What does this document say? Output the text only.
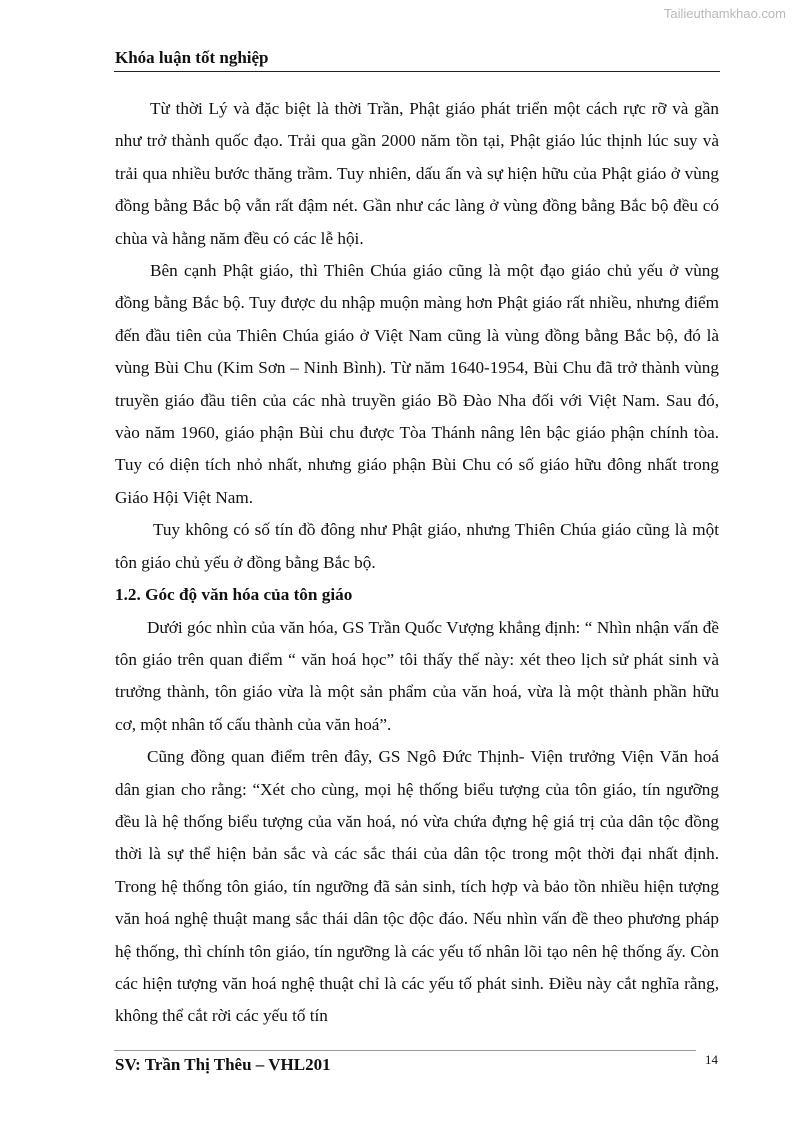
Tailieuthamkhao.com
Khóa luận tốt nghiệp

Từ thời Lý và đặc biệt là thời Trần, Phật giáo phát triển một cách rực rỡ và gần như trở thành quốc đạo. Trải qua gần 2000 năm tồn tại, Phật giáo lúc thịnh lúc suy và trải qua nhiều bước thăng trầm. Tuy nhiên, dấu ấn và sự hiện hữu của Phật giáo ở vùng đồng bằng Bắc bộ vẫn rất đậm nét. Gần như các làng ở vùng đồng bằng Bắc bộ đều có chùa và hằng năm đều có các lễ hội.

Bên cạnh Phật giáo, thì Thiên Chúa giáo cũng là một đạo giáo chủ yếu ở vùng đồng bằng Bắc bộ. Tuy được du nhập muộn màng hơn Phật giáo rất nhiều, nhưng điểm đến đầu tiên của Thiên Chúa giáo ở Việt Nam cũng là vùng đồng bằng Bắc bộ, đó là vùng Bùi Chu (Kim Sơn – Ninh Bình). Từ năm 1640-1954, Bùi Chu đã trở thành vùng truyền giáo đầu tiên của các nhà truyền giáo Bồ Đào Nha đối với Việt Nam. Sau đó, vào năm 1960, giáo phận Bùi chu được Tòa Thánh nâng lên bậc giáo phận chính tòa. Tuy có diện tích nhỏ nhất, nhưng giáo phận Bùi Chu có số giáo hữu đông nhất trong Giáo Hội Việt Nam.

Tuy không có số tín đồ đông như Phật giáo, nhưng Thiên Chúa giáo cũng là một tôn giáo chủ yếu ở đồng bằng Bắc bộ.

1.2. Góc độ văn hóa của tôn giáo

Dưới góc nhìn của văn hóa, GS Trần Quốc Vượng khẳng định: “ Nhìn nhận vấn đề tôn giáo trên quan điểm “ văn hoá học” tôi thấy thế này: xét theo lịch sử phát sinh và trưởng thành, tôn giáo vừa là một sản phẩm của văn hoá, vừa là một thành phần hữu cơ, một nhân tố cấu thành của văn hoá”.

Cũng đồng quan điểm trên đây, GS Ngô Đức Thịnh- Viện trưởng Viện Văn hoá dân gian cho rằng: “Xét cho cùng, mọi hệ thống biểu tượng của tôn giáo, tín ngưỡng đều là hệ thống biểu tượng của văn hoá, nó vừa chứa đựng hệ giá trị của dân tộc đồng thời là sự thể hiện bản sắc và các sắc thái của dân tộc trong một thời đại nhất định. Trong hệ thống tôn giáo, tín ngưỡng đã sản sinh, tích hợp và bảo tồn nhiều hiện tượng văn hoá nghệ thuật mang sắc thái dân tộc độc đáo. Nếu nhìn vấn đề theo phương pháp hệ thống, thì chính tôn giáo, tín ngưỡng là các yếu tố nhân lõi tạo nên hệ thống ấy. Còn các hiện tượng văn hoá nghệ thuật chỉ là các yếu tố phát sinh. Điều này cắt nghĩa rằng, không thể cắt rời các yếu tố tín

SV: Trần Thị Thêu – VHL201	14
